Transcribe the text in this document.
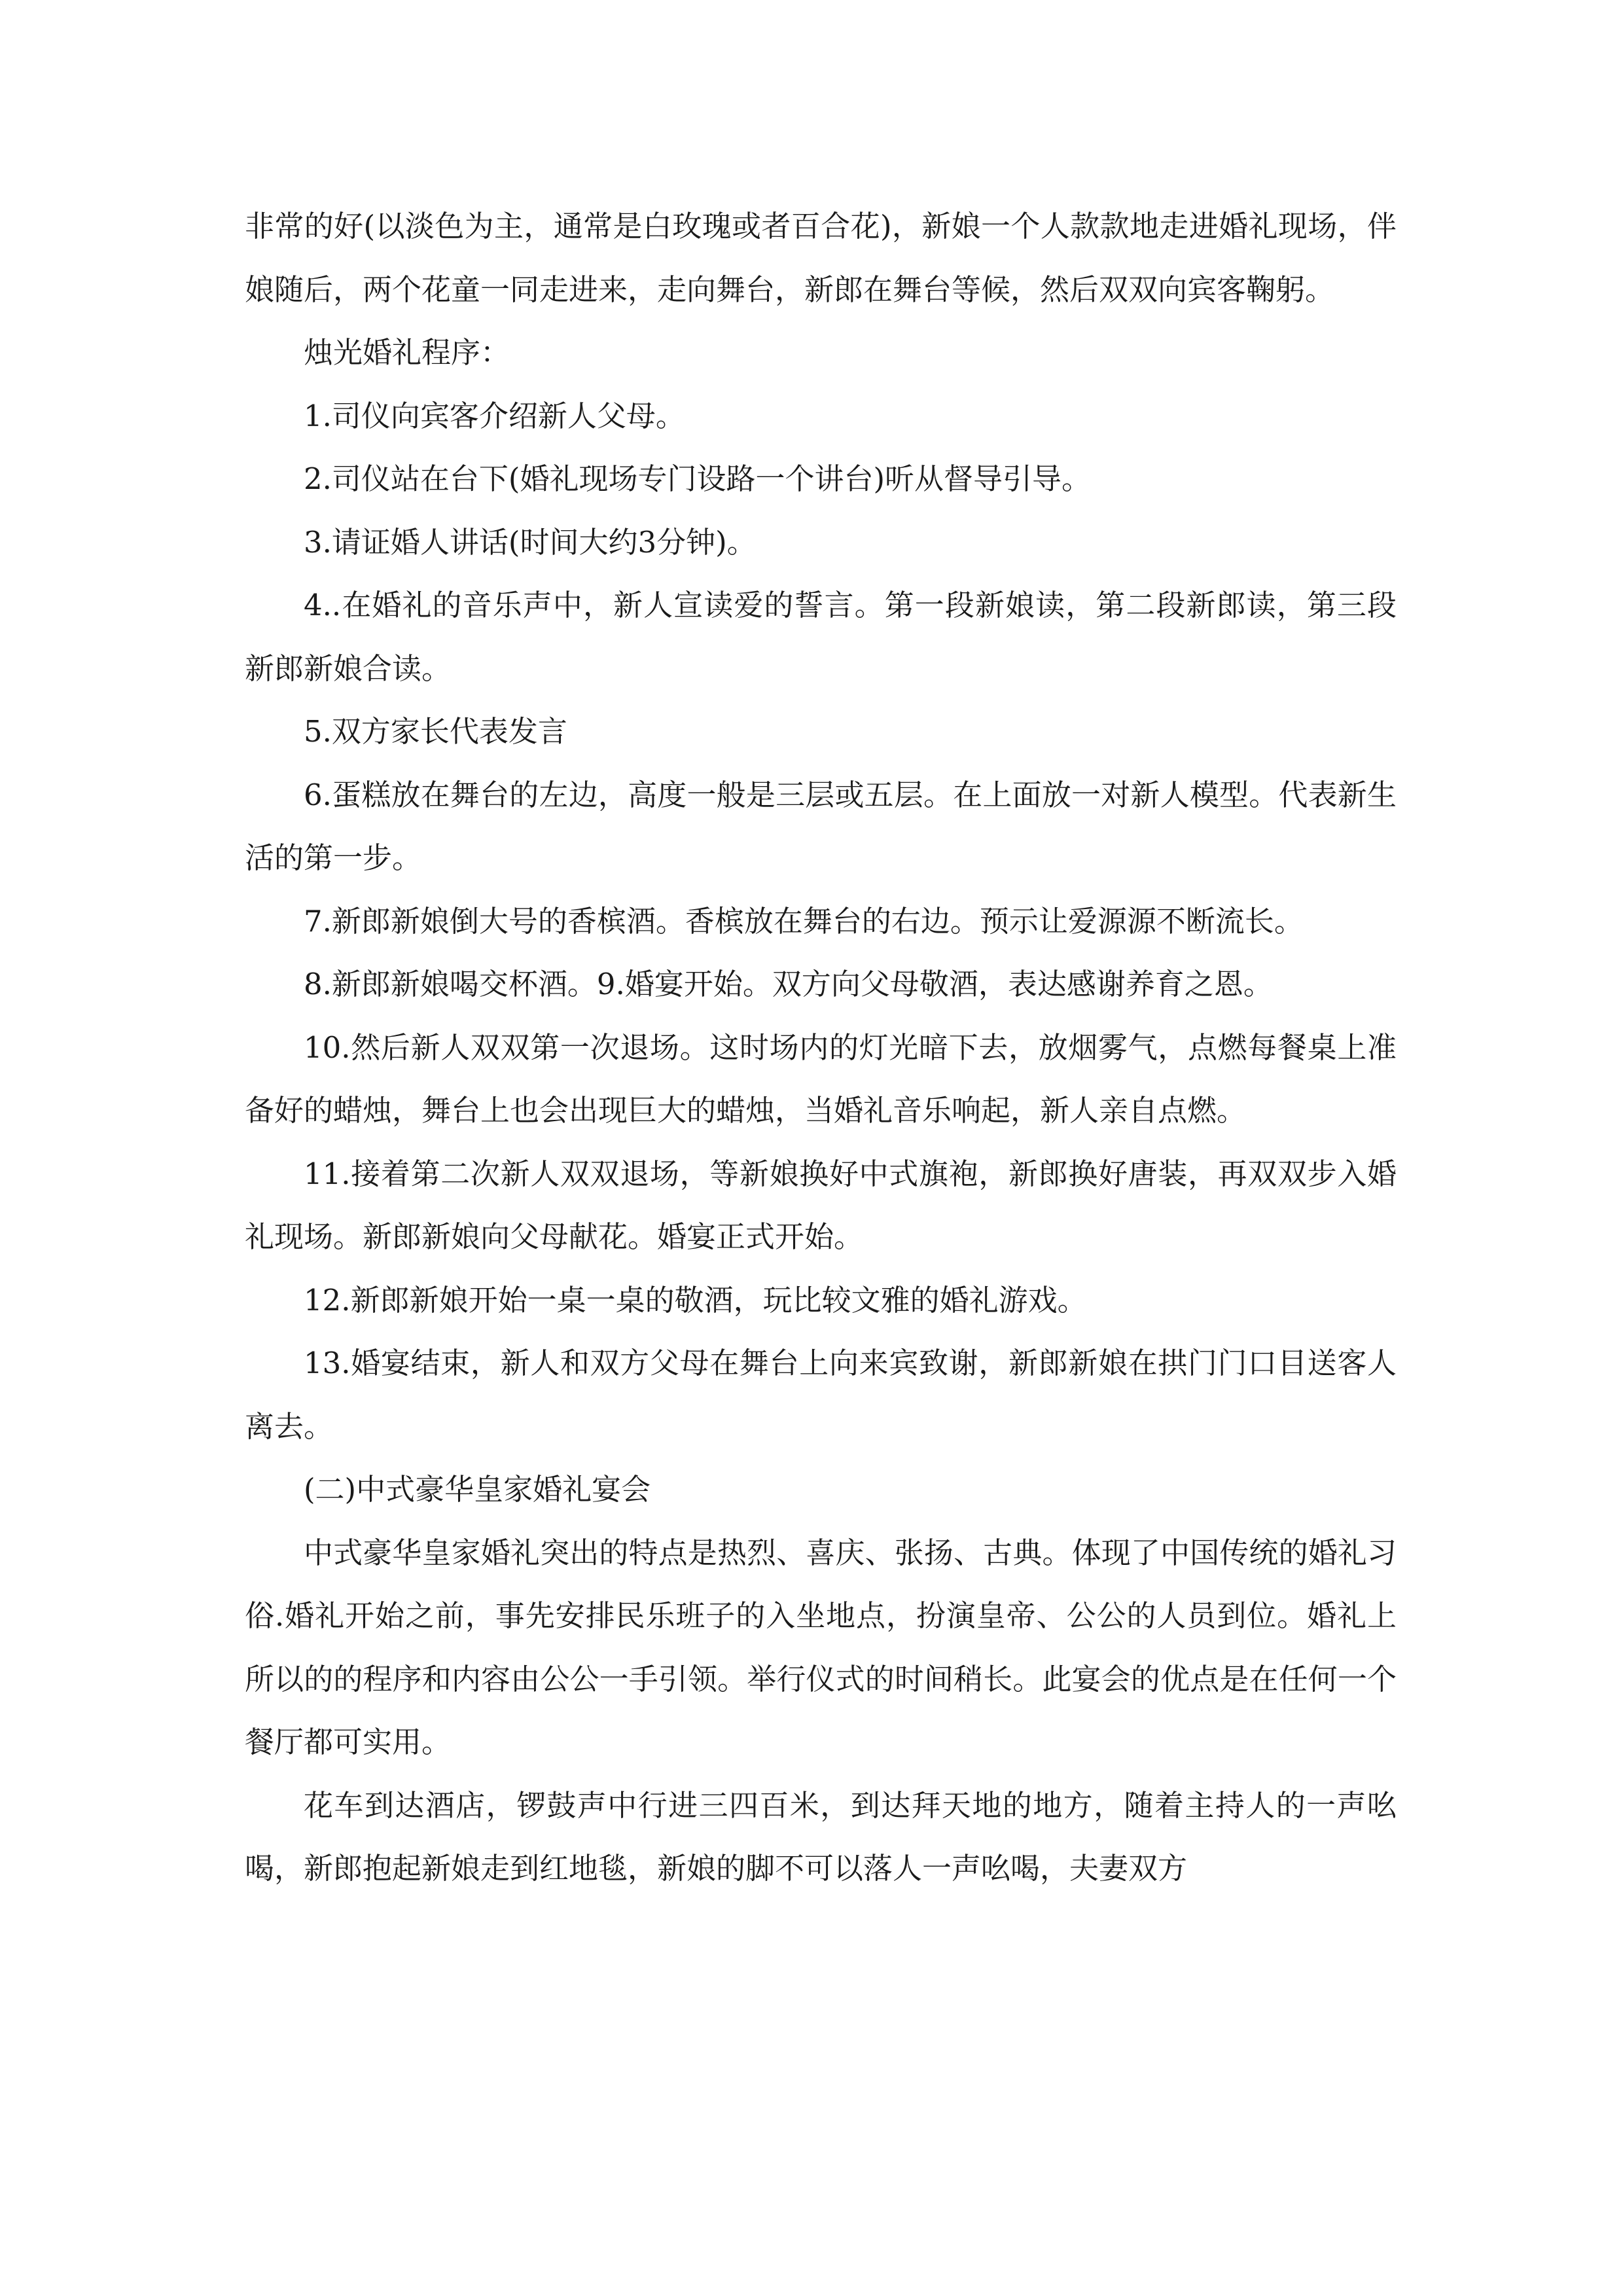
非常的好(以淡色为主，通常是白玫瑰或者百合花)，新娘一个人款款地走进婚礼现场，伴娘随后，两个花童一同走进来，走向舞台，新郎在舞台等候，然后双双向宾客鞠躬。

烛光婚礼程序：

1.司仪向宾客介绍新人父母。

2.司仪站在台下(婚礼现场专门设路一个讲台)听从督导引导。

3.请证婚人讲话(时间大约3分钟)。

4..在婚礼的音乐声中，新人宣读爱的誓言。第一段新娘读，第二段新郎读，第三段新郎新娘合读。

5.双方家长代表发言

6.蛋糕放在舞台的左边，高度一般是三层或五层。在上面放一对新人模型。代表新生活的第一步。

7.新郎新娘倒大号的香槟酒。香槟放在舞台的右边。预示让爱源源不断流长。

8.新郎新娘喝交杯酒。9.婚宴开始。双方向父母敬酒，表达感谢养育之恩。

10.然后新人双双第一次退场。这时场内的灯光暗下去，放烟雾气，点燃每餐桌上准备好的蜡烛，舞台上也会出现巨大的蜡烛，当婚礼音乐响起，新人亲自点燃。

11.接着第二次新人双双退场，等新娘换好中式旗袍，新郎换好唐装，再双双步入婚礼现场。新郎新娘向父母献花。婚宴正式开始。

12.新郎新娘开始一桌一桌的敬酒，玩比较文雅的婚礼游戏。

13.婚宴结束，新人和双方父母在舞台上向来宾致谢，新郎新娘在拱门门口目送客人离去。

(二)中式豪华皇家婚礼宴会

中式豪华皇家婚礼突出的特点是热烈、喜庆、张扬、古典。体现了中国传统的婚礼习俗.婚礼开始之前，事先安排民乐班子的入坐地点，扮演皇帝、公公的人员到位。婚礼上所以的的程序和内容由公公一手引领。举行仪式的时间稍长。此宴会的优点是在任何一个餐厅都可实用。

花车到达酒店，锣鼓声中行进三四百米，到达拜天地的地方，随着主持人的一声吆喝，新郎抱起新娘走到红地毯，新娘的脚不可以落人一声吆喝，夫妻双方
